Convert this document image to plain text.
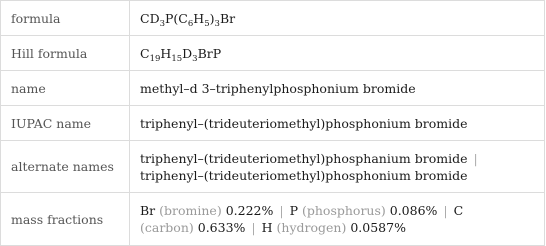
formula	$CD_3P(C_6H_5)_3Br$
Hill formula	$C_{19}H_{15}D_3BrP$
name	methyl–d 3–triphenylphosphonium bromide
IUPAC name	triphenyl–(trideuteriomethyl)phosphonium bromide
alternate names	triphenyl–(trideuteriomethyl)phosphanium bromide |
triphenyl–(trideuteriomethyl)phosphonium bromide
mass fractions	Br (bromine) 0.222% | P (phosphorus) 0.086% | C
(carbon) 0.633% | H (hydrogen) 0.0587%
